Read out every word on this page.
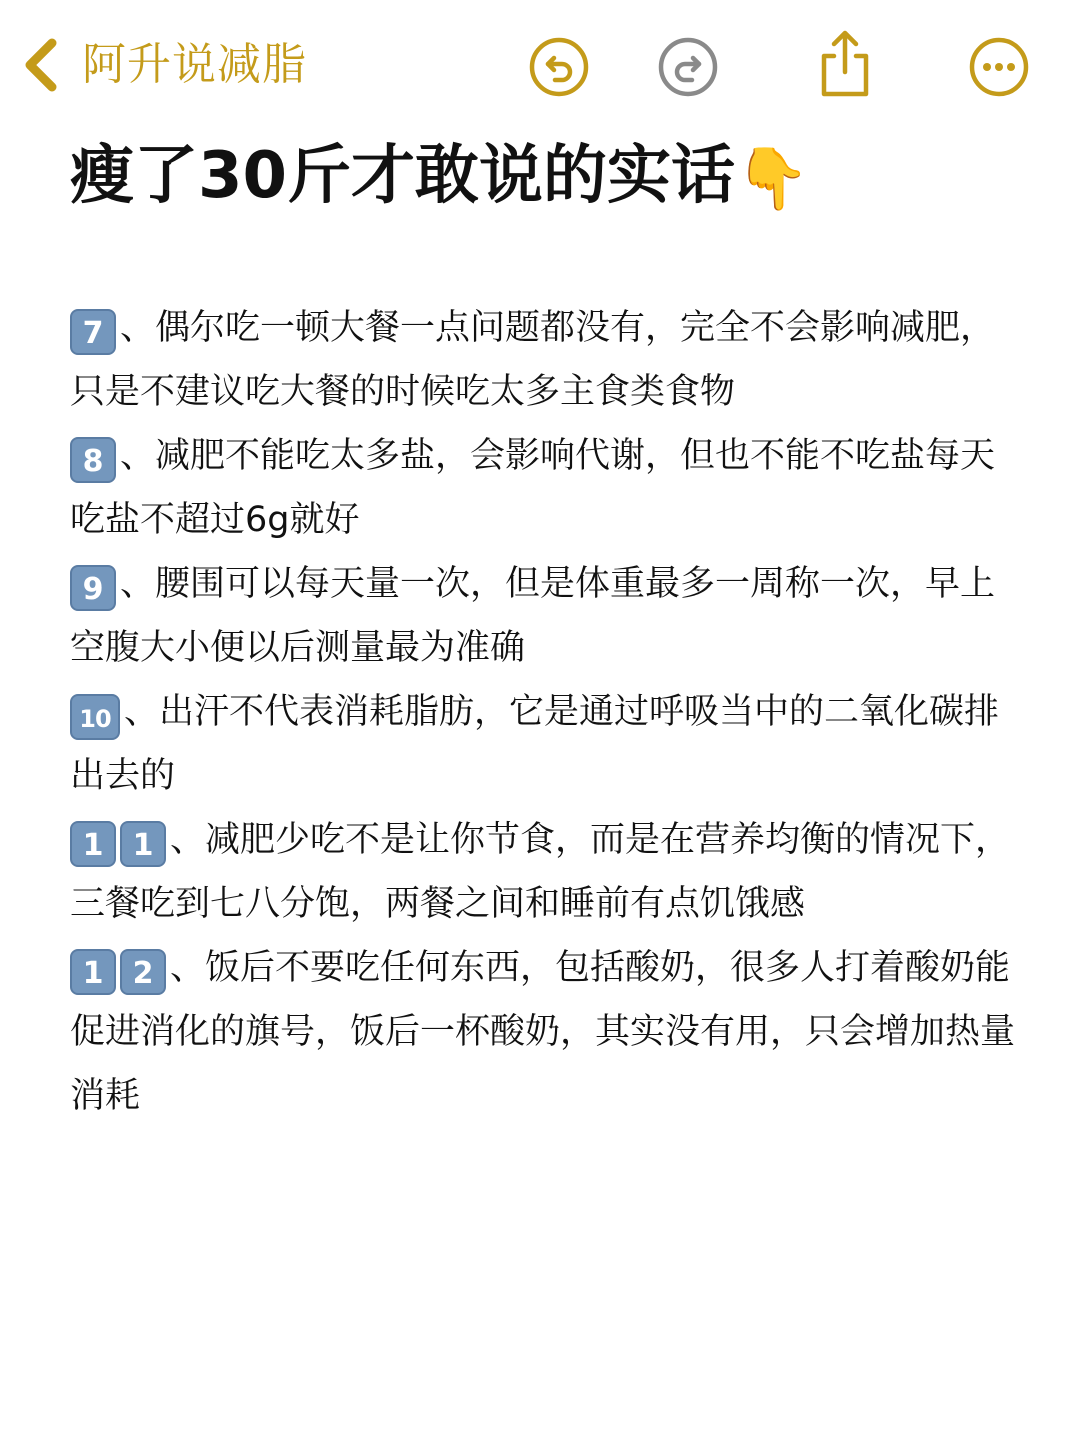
阿升说减脂
瘦了30斤才敢说的实话👇

7 、偶尔吃一顿大餐一点问题都没有，完全不会影响减肥，只是不建议吃大餐的时候吃太多主食类食物

8 、减肥不能吃太多盐，会影响代谢，但也不能不吃盐每天吃盐不超过6g就好

9 、腰围可以每天量一次，但是体重最多一周称一次，早上空腹大小便以后测量最为准确

10 、出汗不代表消耗脂肪，它是通过呼吸当中的二氧化碳排出去的

1 1 、减肥少吃不是让你节食，而是在营养均衡的情况下，三餐吃到七八分饱，两餐之间和睡前有点饥饿感

1 2 、饭后不要吃任何东西，包括酸奶，很多人打着酸奶能促进消化的旗号，饭后一杯酸奶，其实没有用，只会增加热量消耗
